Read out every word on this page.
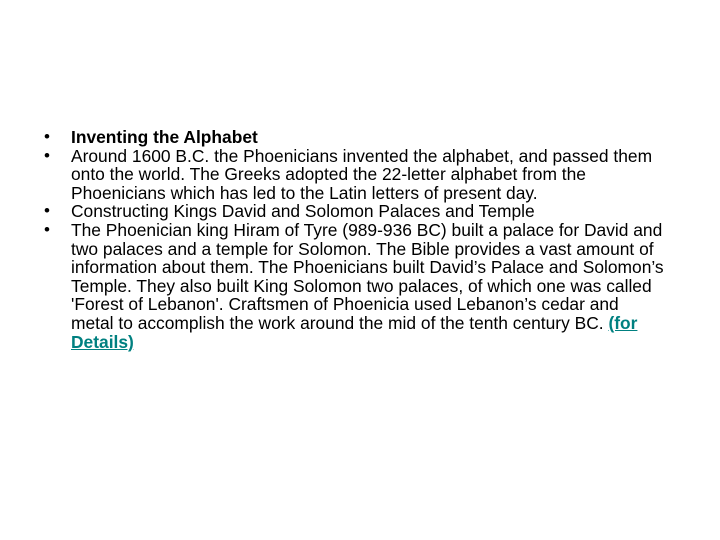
•	Inventing the Alphabet
•	Around 1600 B.C. the Phoenicians invented the alphabet, and passed them onto the world. The Greeks adopted the 22-letter alphabet from the Phoenicians which has led to the Latin letters of present day.
•	Constructing Kings David and Solomon Palaces and Temple
•	The Phoenician king Hiram of Tyre (989-936 BC) built a palace for David and two palaces and a temple for Solomon. The Bible provides a vast amount of information about them. The Phoenicians built David’s Palace and Solomon’s Temple. They also built King Solomon two palaces, of which one was called 'Forest of Lebanon'. Craftsmen of Phoenicia used Lebanon’s cedar and metal to accomplish the work around the mid of the tenth century BC. (for Details)
